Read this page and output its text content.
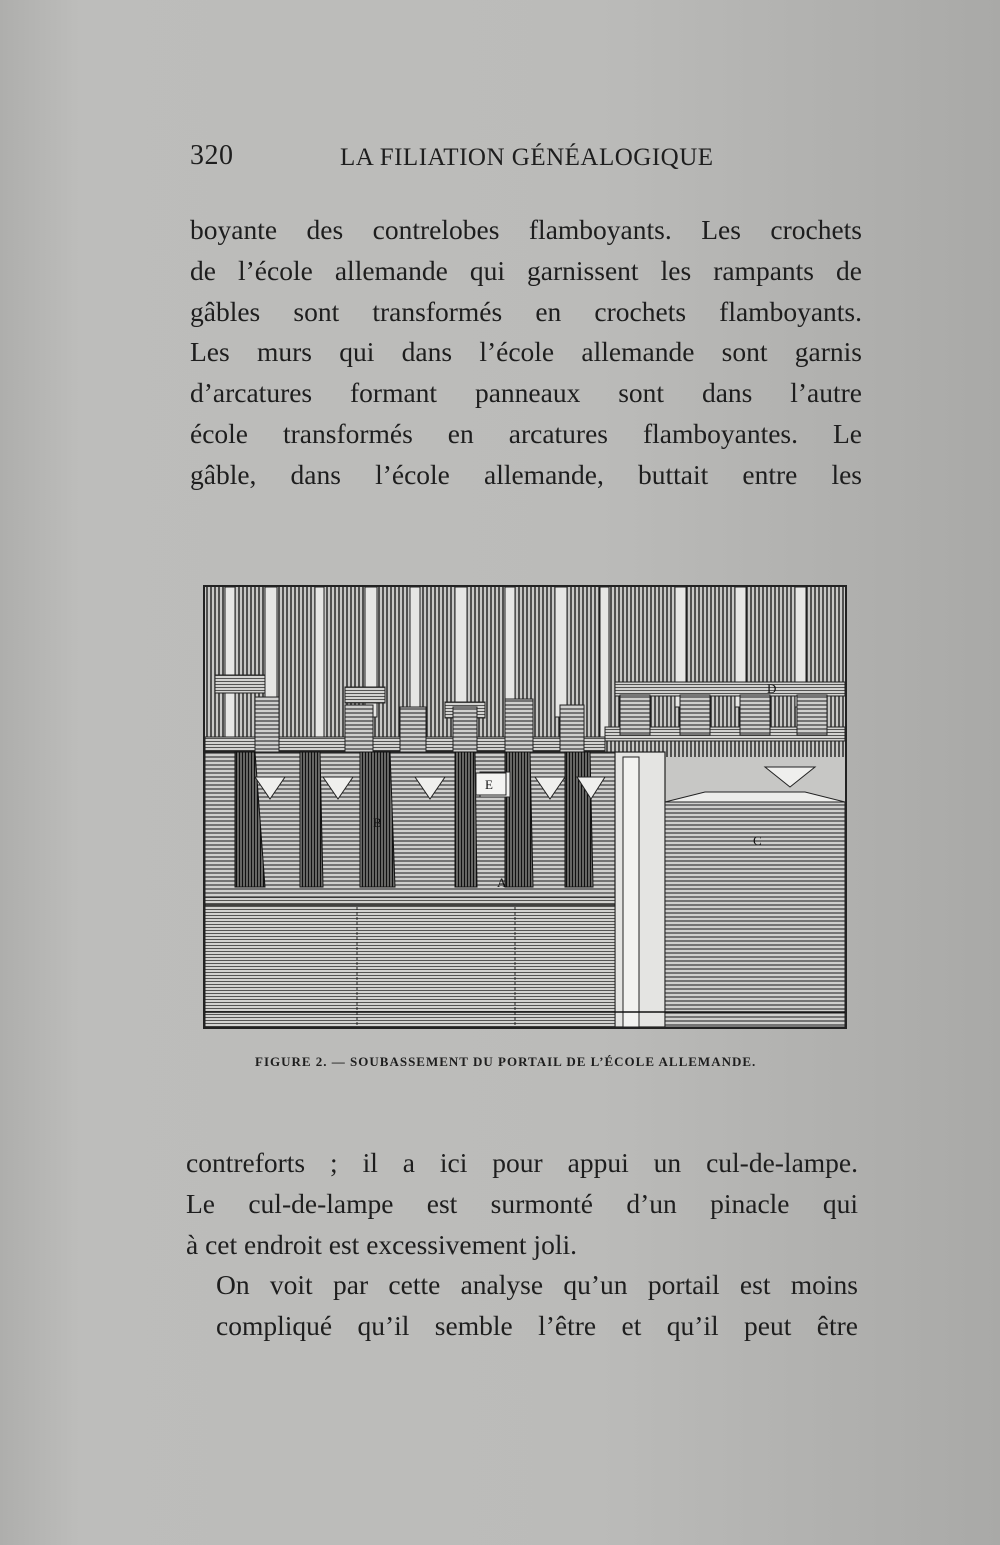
320	LA FILIATION GÉNÉALOGIQUE

boyante des contrelobes flamboyants. Les crochets
de l’école allemande qui garnissent les rampants de
gâbles sont transformés en crochets flamboyants.
Les murs qui dans l’école allemande sont garnis
d’arcatures formant panneaux sont dans l’autre
école transformés en arcatures flamboyantes. Le
gâble, dans l’école allemande, buttait entre les

E
B
A
C
D
FIGURE 2. — SOUBASSEMENT DU PORTAIL DE L’ÉCOLE ALLEMANDE.

contreforts ; il a ici pour appui un cul-de-lampe.
Le cul-de-lampe est surmonté d’un pinacle qui
à cet endroit est excessivement joli.

On voit par cette analyse qu’un portail est moins
compliqué qu’il semble l’être et qu’il peut être
